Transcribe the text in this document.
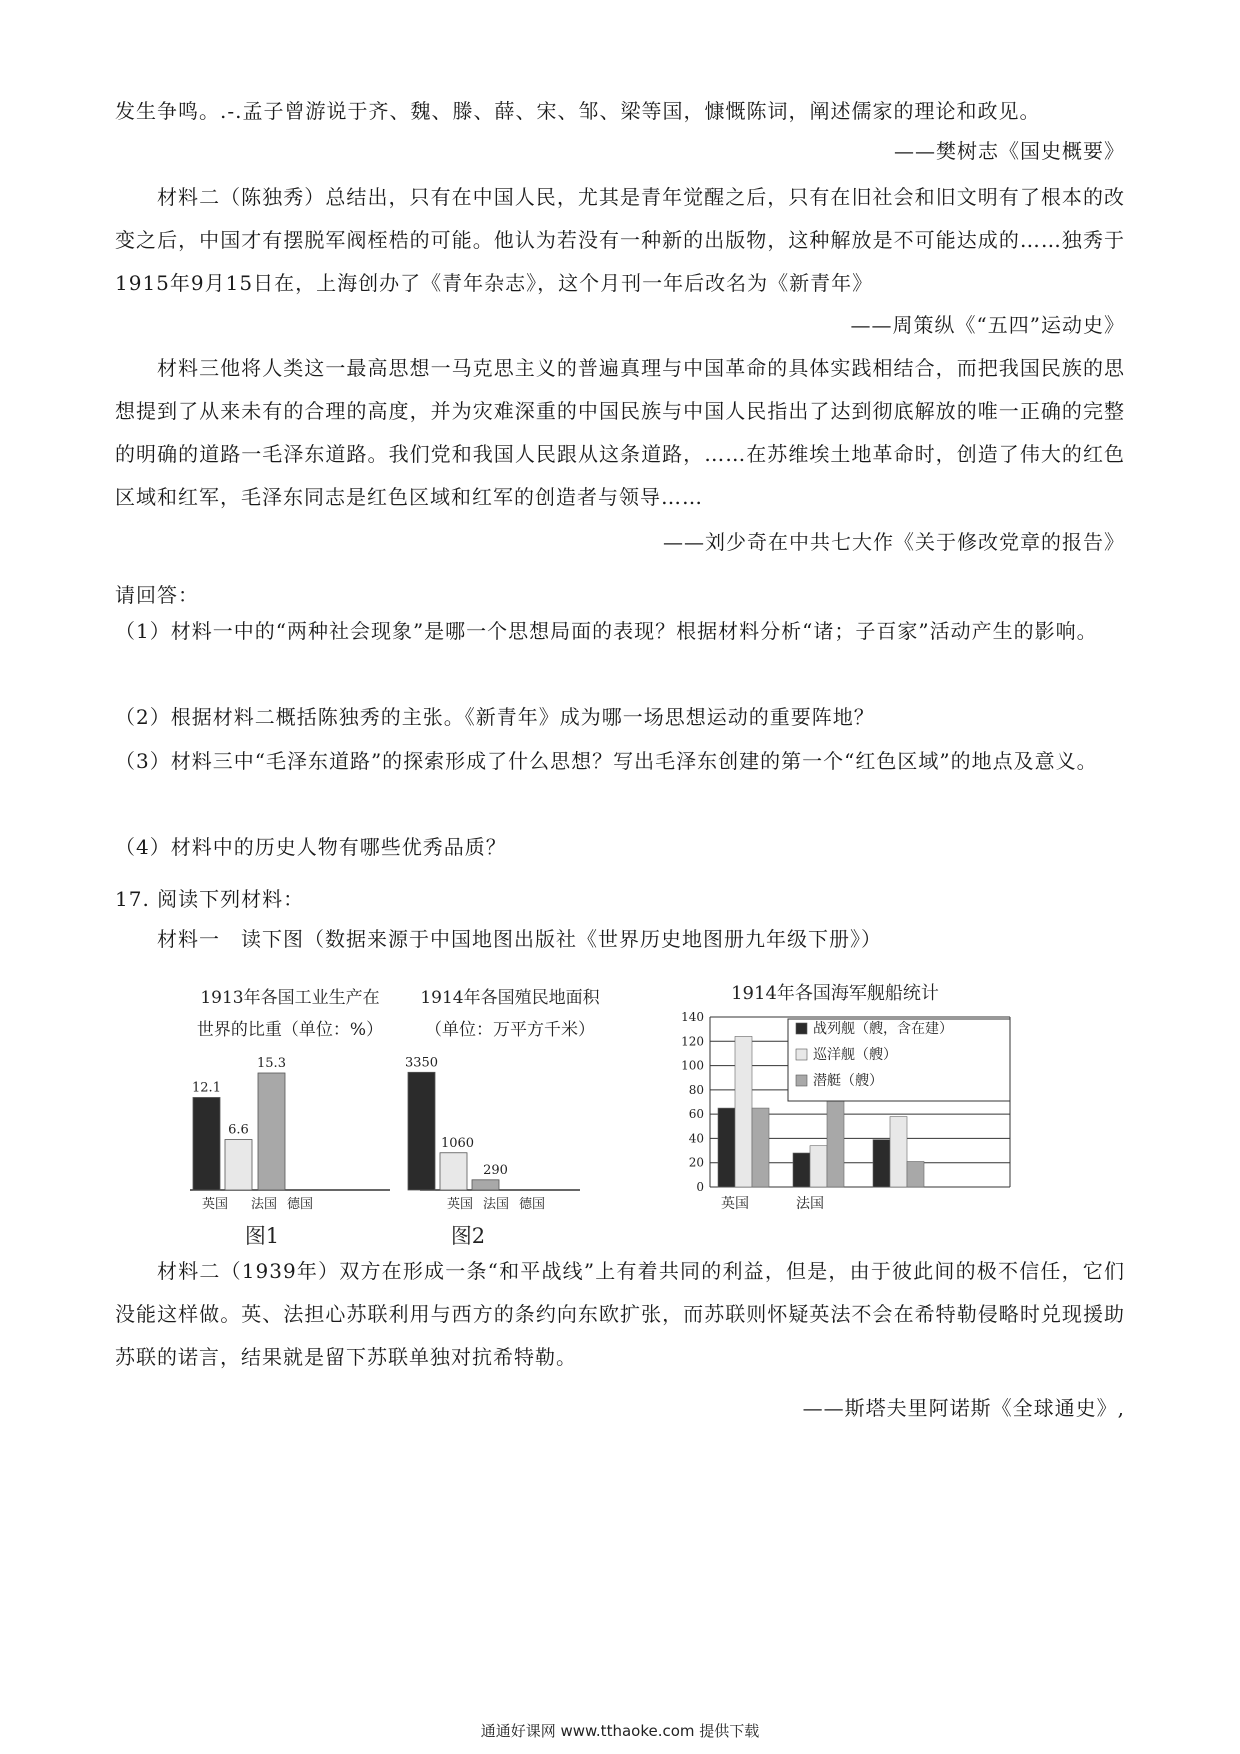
发生争鸣。.-.孟子曾游说于齐、魏、滕、薛、宋、邹、梁等国，慷慨陈词，阐述儒家的理论和政见。
——樊树志《国史概要》
材料二（陈独秀）总结出，只有在中国人民，尤其是青年觉醒之后，只有在旧社会和旧文明有了根本的改变之后，中国才有摆脱军阀桎梏的可能。他认为若没有一种新的出版物，这种解放是不可能达成的……独秀于1915年9月15日在，上海创办了《青年杂志》，这个月刊一年后改名为《新青年》
——周策纵《“五四”运动史》
材料三他将人类这一最高思想一马克思主义的普遍真理与中国革命的具体实践相结合，而把我国民族的思想提到了从来未有的合理的高度，并为灾难深重的中国民族与中国人民指出了达到彻底解放的唯一正确的完整的明确的道路一毛泽东道路。我们党和我国人民跟从这条道路，……在苏维埃土地革命时，创造了伟大的红色区域和红军，毛泽东同志是红色区域和红军的创造者与领导……
——刘少奇在中共七大作《关于修改党章的报告》
请回答：
（1）材料一中的“两种社会现象”是哪一个思想局面的表现？根据材料分析“诸；子百家”活动产生的影响。
（2）根据材料二概括陈独秀的主张。《新青年》成为哪一场思想运动的重要阵地？
（3）材料三中“毛泽东道路”的探索形成了什么思想？写出毛泽东创建的第一个“红色区域”的地点及意义。
（4）材料中的历史人物有哪些优秀品质？
17. 阅读下列材料：
材料一　读下图（数据来源于中国地图出版社《世界历史地图册九年级下册》）
1913年各国工业生产在
世界的比重（单位：%）
12.1
6.6
15.3
英国 法国 德国
图1
1914年各国殖民地面积
（单位：万平方千米）
3350
1060
290
英国 法国 德国
图2
1914年各国海军舰船统计
0
20
40
60
80
100
120
140
战列舰（艘，含在建）
巡洋舰（艘）
潜艇（艘）
英国	法国
材料二（1939年）双方在形成一条“和平战线”上有着共同的利益，但是，由于彼此间的极不信任，它们没能这样做。英、法担心苏联利用与西方的条约向东欧扩张，而苏联则怀疑英法不会在希特勒侵略时兑现援助苏联的诺言，结果就是留下苏联单独对抗希特勒。
——斯塔夫里阿诺斯《全球通史》,
通通好课网 www.tthaoke.com 提供下载
